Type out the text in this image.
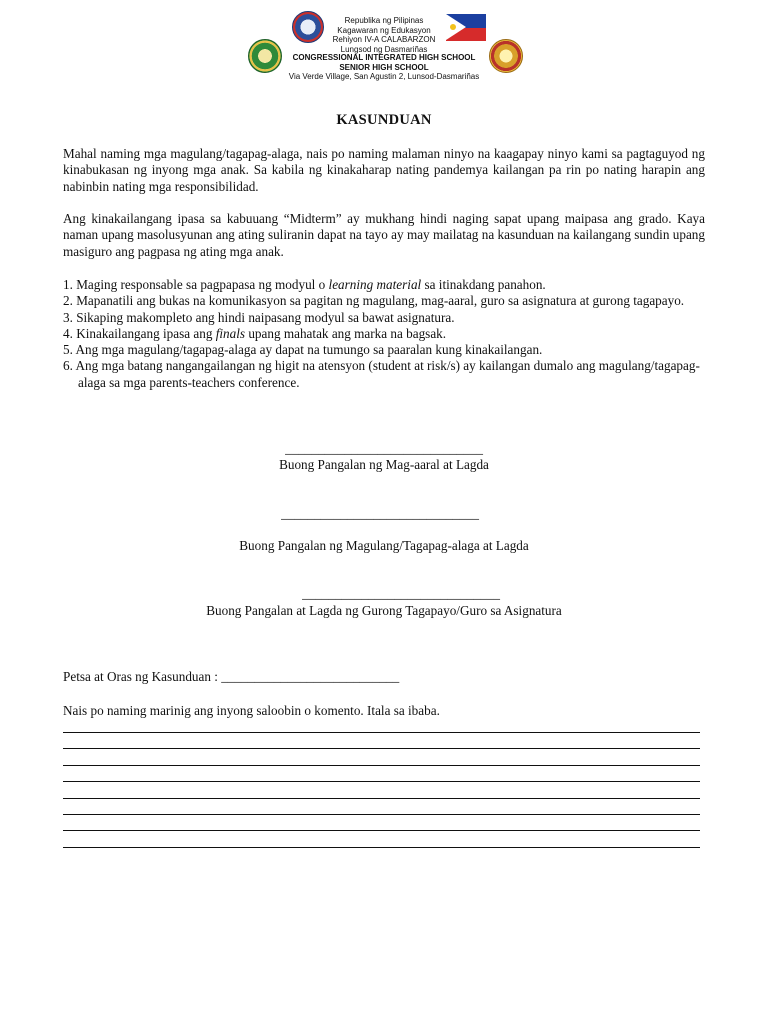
Republika ng Pilipinas
Kagawaran ng Edukasyon
Rehiyon IV-A CALABARZON
Lungsod ng Dasmariñas
CONGRESSIONAL INTEGRATED HIGH SCHOOL
SENIOR HIGH SCHOOL
Via Verde Village, San Agustin 2, Lunsod-Dasmariñas
KASUNDUAN

Mahal naming mga magulang/tagapag-alaga, nais po naming malaman ninyo na kaagapay ninyo kami sa pagtaguyod ng kinabukasan ng inyong mga anak. Sa kabila ng kinakaharap nating pandemya kailangan pa rin po nating harapin ang nabinbin nating mga responsibilidad.

Ang kinakailangang ipasa sa kabuuang “Midterm” ay mukhang hindi naging sapat upang maipasa ang grado. Kaya naman upang masolusyunan ang ating suliranin dapat na tayo ay may mailatag na kasunduan na kailangang sundin upang masiguro ang pagpasa ng ating mga anak.

1. Maging responsable sa pagpapasa ng modyul o learning material sa itinakdang panahon.
2. Mapanatili ang bukas na komunikasyon sa pagitan ng magulang, mag-aaral, guro sa asignatura at gurong tagapayo.
3. Sikaping makompleto ang hindi naipasang modyul sa bawat asignatura.
4. Kinakailangang ipasa ang finals upang mahatak ang marka na bagsak.
5. Ang mga magulang/tagapag-alaga ay dapat na tumungo sa paaralan kung kinakailangan.
6. Ang mga batang nangangailangan ng higit na atensyon (student at risk/s) ay kailangan dumalo ang magulang/tagapag-alaga sa mga parents-teachers conference.
______________________________
Buong Pangalan ng Mag-aaral at Lagda
______________________________
Buong Pangalan ng Magulang/Tagapag-alaga at Lagda
______________________________
Buong Pangalan at Lagda ng Gurong Tagapayo/Guro sa Asignatura
Petsa at Oras ng Kasunduan : ___________________________
Nais po naming marinig ang inyong saloobin o komento. Itala sa ibaba.
